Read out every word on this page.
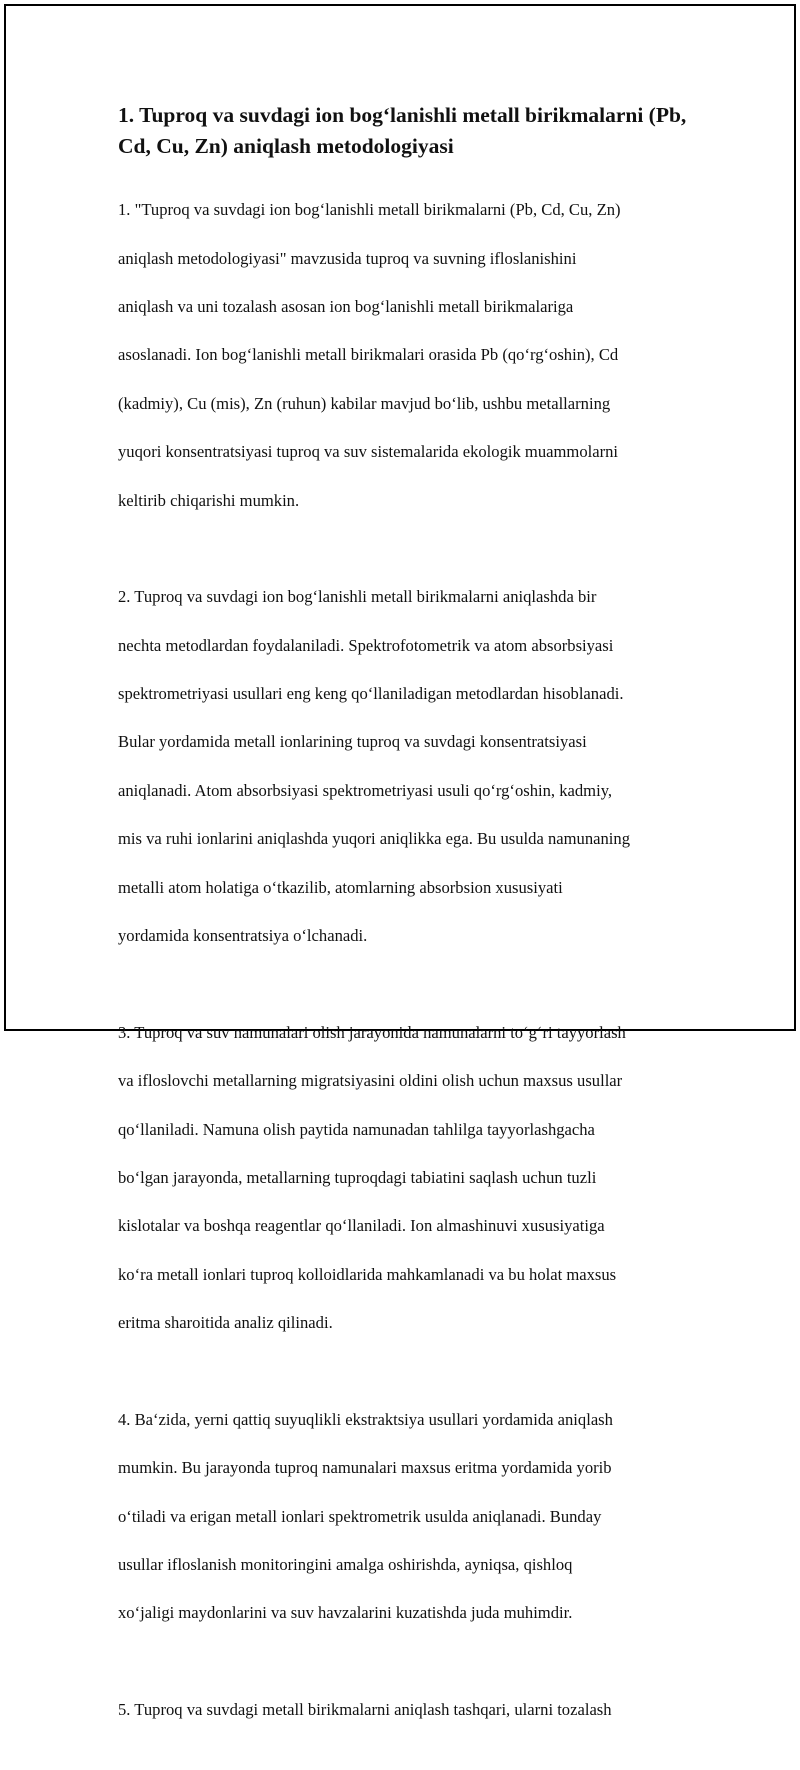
1. Tuproq va suvdagi ion bog‘lanishli metall birikmalarni (Pb,
Cd, Cu, Zn) aniqlash metodologiyasi

1. "Tuproq va suvdagi ion bog‘lanishli metall birikmalarni (Pb, Cd, Cu, Zn)

aniqlash metodologiyasi" mavzusida tuproq va suvning ifloslanishini

aniqlash va uni tozalash asosan ion bog‘lanishli metall birikmalariga

asoslanadi. Ion bog‘lanishli metall birikmalari orasida Pb (qo‘rg‘oshin), Cd

(kadmiy), Cu (mis), Zn (ruhun) kabilar mavjud bo‘lib, ushbu metallarning

yuqori konsentratsiyasi tuproq va suv sistemalarida ekologik muammolarni

keltirib chiqarishi mumkin.

2. Tuproq va suvdagi ion bog‘lanishli metall birikmalarni aniqlashda bir

nechta metodlardan foydalaniladi. Spektrofotometrik va atom absorbsiyasi

spektrometriyasi usullari eng keng qo‘llaniladigan metodlardan hisoblanadi.

Bular yordamida metall ionlarining tuproq va suvdagi konsentratsiyasi

aniqlanadi. Atom absorbsiyasi spektrometriyasi usuli qo‘rg‘oshin, kadmiy,

mis va ruhi ionlarini aniqlashda yuqori aniqlikka ega. Bu usulda namunaning

metalli atom holatiga o‘tkazilib, atomlarning absorbsion xususiyati

yordamida konsentratsiya o‘lchanadi.

3. Tuproq va suv namunalari olish jarayonida namunalarni to‘g‘ri tayyorlash

va ifloslovchi metallarning migratsiyasini oldini olish uchun maxsus usullar

qo‘llaniladi. Namuna olish paytida namunadan tahlilga tayyorlashgacha

bo‘lgan jarayonda, metallarning tuproqdagi tabiatini saqlash uchun tuzli

kislotalar va boshqa reagentlar qo‘llaniladi. Ion almashinuvi xususiyatiga

ko‘ra metall ionlari tuproq kolloidlarida mahkamlanadi va bu holat maxsus

eritma sharoitida analiz qilinadi.

4. Ba‘zida, yerni qattiq suyuqlikli ekstraktsiya usullari yordamida aniqlash

mumkin. Bu jarayonda tuproq namunalari maxsus eritma yordamida yorib

o‘tiladi va erigan metall ionlari spektrometrik usulda aniqlanadi. Bunday

usullar ifloslanish monitoringini amalga oshirishda, ayniqsa, qishloq

xo‘jaligi maydonlarini va suv havzalarini kuzatishda juda muhimdir.

5. Tuproq va suvdagi metall birikmalarni aniqlash tashqari, ularni tozalash
